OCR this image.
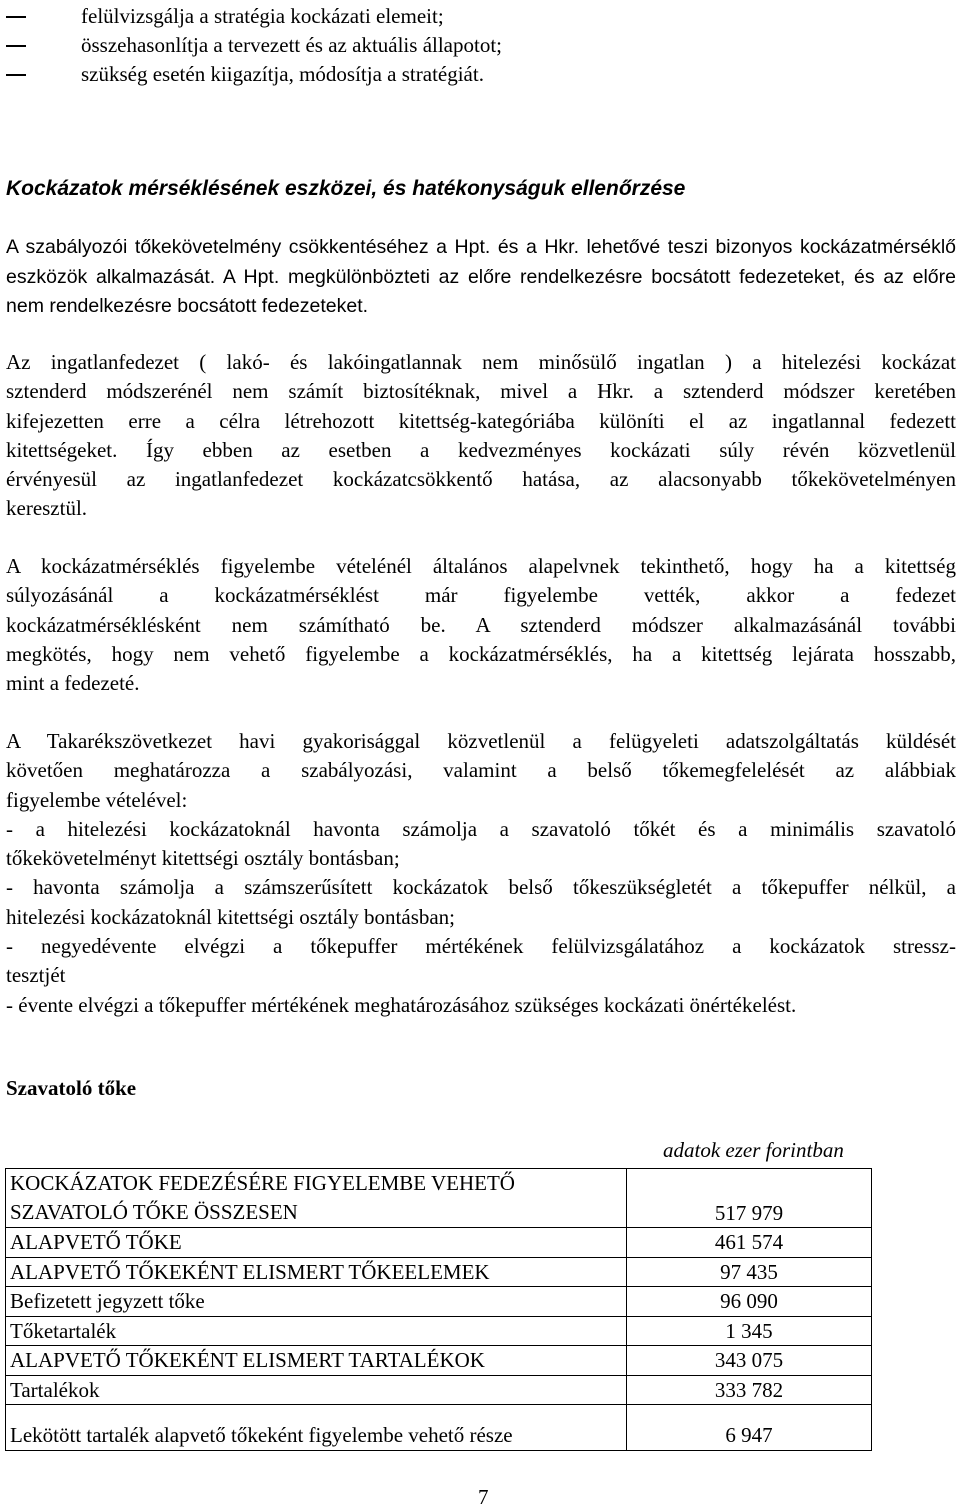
felülvizsgálja a stratégia kockázati elemeit;
összehasonlítja a tervezett és az aktuális állapotot;
szükség esetén kiigazítja, módosítja a stratégiát.
Kockázatok mérséklésének eszközei, és hatékonyságuk ellenőrzése
A szabályozói tőkekövetelmény csökkentéséhez a Hpt. és a Hkr. lehetővé teszi bizonyos kockázatmérséklő eszközök alkalmazását. A Hpt. megkülönbözteti az előre rendelkezésre bocsátott fedezeteket, és az előre nem rendelkezésre bocsátott fedezeteket.
Az ingatlanfedezet ( lakó- és lakóingatlannak nem minősülő ingatlan ) a hitelezési kockázat
sztenderd módszerénél nem számít biztosítéknak, mivel a Hkr. a sztenderd módszer keretében
kifejezetten erre a célra létrehozott kitettség-kategóriába különíti el az ingatlannal fedezett
kitettségeket. Így ebben az esetben a kedvezményes kockázati súly révén közvetlenül
érvényesül az ingatlanfedezet kockázatcsökkentő hatása, az alacsonyabb tőkekövetelményen
keresztül.
A kockázatmérséklés figyelembe vételénél általános alapelvnek tekinthető, hogy ha a kitettség
súlyozásánál a kockázatmérséklést már figyelembe vették, akkor a fedezet
kockázatmérséklésként nem számítható be. A sztenderd módszer alkalmazásánál további
megkötés, hogy nem vehető figyelembe a kockázatmérséklés, ha a kitettség lejárata hosszabb,
mint a fedezeté.
A Takarékszövetkezet havi gyakorisággal közvetlenül a felügyeleti adatszolgáltatás küldését
követően meghatározza a szabályozási, valamint a belső tőkemegfelelését az alábbiak
figyelembe vételével:
- a hitelezési kockázatoknál havonta számolja a szavatoló tőkét és a minimális szavatoló
tőkekövetelményt kitettségi osztály bontásban;
- havonta számolja a számszerűsített kockázatok belső tőkeszükségletét a tőkepuffer nélkül, a
hitelezési kockázatoknál kitettségi osztály bontásban;
- negyedévente elvégzi a tőkepuffer mértékének felülvizsgálatához a kockázatok stressz-
tesztjét
- évente elvégzi a tőkepuffer mértékének meghatározásához szükséges kockázati önértékelést.
Szavatoló tőke
adatok ezer forintban
KOCKÁZATOK FEDEZÉSÉRE FIGYELEMBE VEHETŐ
SZAVATOLÓ TŐKE ÖSSZESEN	517 979
ALAPVETŐ TŐKE	461 574
ALAPVETŐ TŐKEKÉNT ELISMERT TŐKEELEMEK	97 435
Befizetett jegyzett tőke	96 090
Tőketartalék	1 345
ALAPVETŐ TŐKEKÉNT ELISMERT TARTALÉKOK	343 075
Tartalékok	333 782
Lekötött tartalék alapvető tőkeként figyelembe vehető része	6 947
7
